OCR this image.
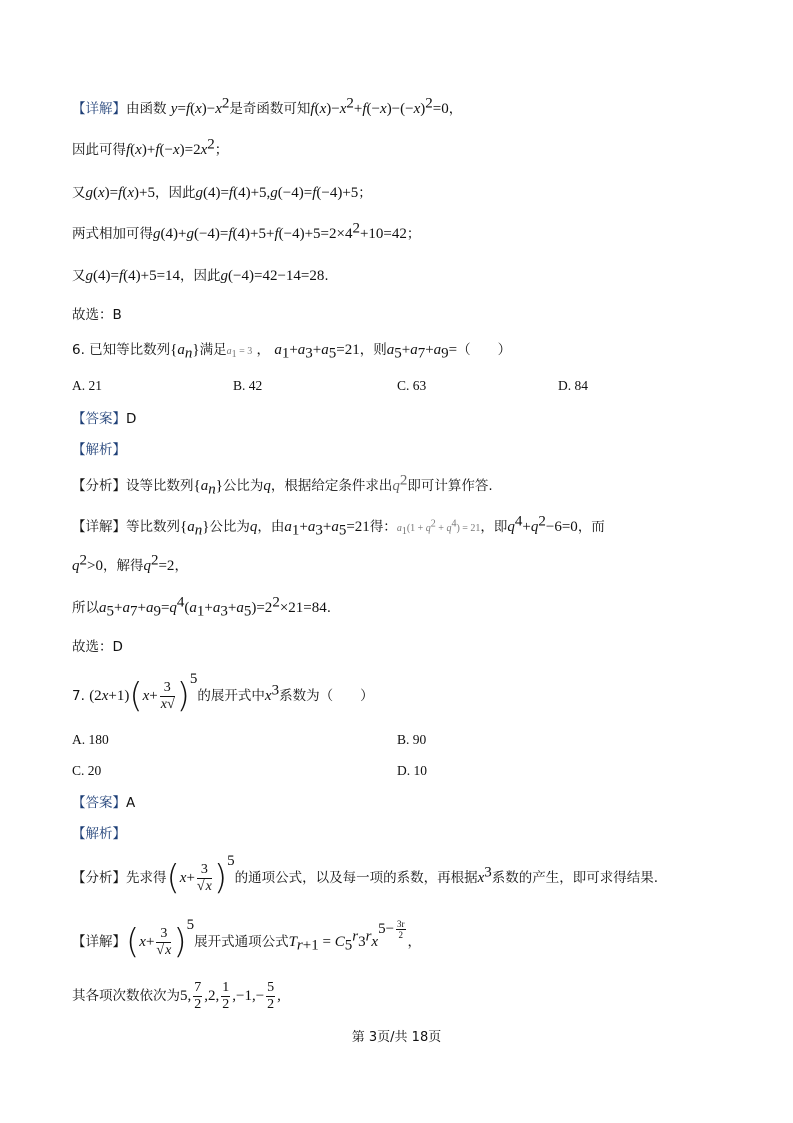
【详解】由函数 $y=f(x)-x^2$是奇函数可知$f(x)-x^2+f(-x)-(-x)^2=0$，
因此可得$f(x)+f(-x)=2x^2$；
又g(x)=f(x)+5，因此g(4)=f(4)+5,g(−4)=f(−4)+5；
两式相加可得$g(4)+g(-4)=f(4)+5+f(-4)+5=2\times 4^2+10=42$；
又g(4)=f(4)+5=14，因此g(−4)=42−14=28.
故选：B
6. 已知等比数列$\{a_n\}$满足$a_1 = 3$ ， $a_1+a_3+a_5=21$，则$a_5+a_7+a_9=$（　　）
A. 21	B. 42	C. 63	D. 84
【答案】D
【解析】
【分析】设等比数列$\{a_n\}$公比为q，根据给定条件求出$q^2$即可计算作答.
【详解】等比数列$\{a_n\}$公比为q，由$a_1+a_3+a_5=21$得：$a_1(1 + q^2 + q^4) = 21$，即$q^4+q^2-6=0$，而
$q^2>0$，解得$q^2=2$，
所以$a_5+a_7+a_9=q^4(a_1+a_3+a_5)=2^2\times 21=84$.
故选：D
7. $(2x+1)(x+ \frac{3}{x√} )^5$的展开式中$x^3$系数为（　　）
A. 180	B. 90
C. 20	D. 10
【答案】A
【解析】
【分析】先求得$(x+ \frac{3}{√x} )^5$的通项公式，以及每一项的系数，再根据$x^3$系数的产生，即可求得结果.
【详解】$(x+ \frac{3}{√x} )^5$展开式通项公式$T_{r+1} = C_5^r3^rx^{5- \frac{3r}{2}}$
，
其各项次数依次为5, $\frac{7}{2} ,2$, $\frac{1}{2} ,-1,- \frac{5}{2}$ ,
第 3页/共 18页
